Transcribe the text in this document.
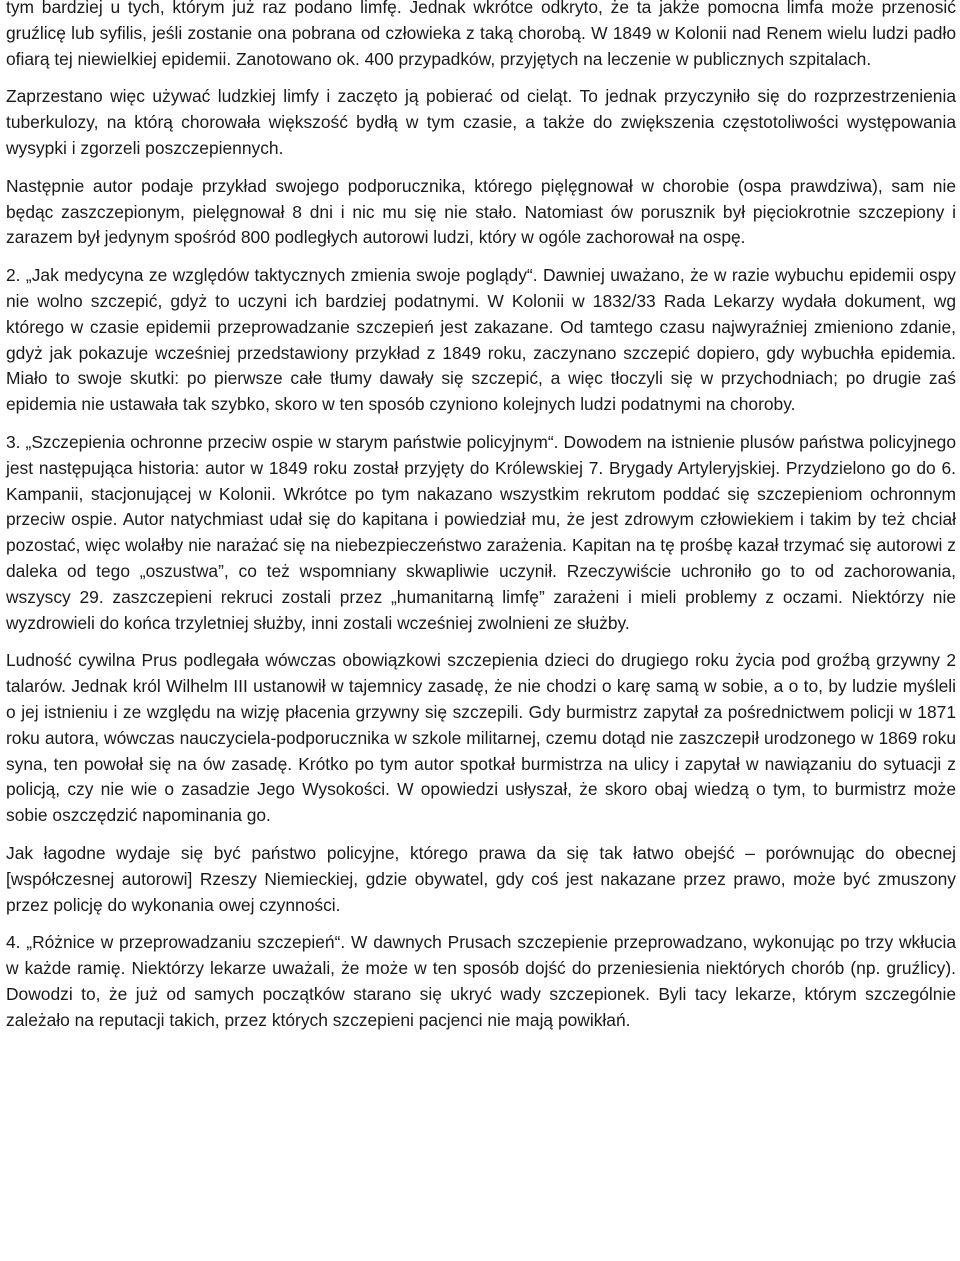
tym bardziej u tych, którym już raz podano limfę. Jednak wkrótce odkryto, że ta jakże pomocna limfa może przenosić gruźlicę lub syfilis, jeśli zostanie ona pobrana od człowieka z taką chorobą. W 1849 w Kolonii nad Renem wielu ludzi padło ofiarą tej niewielkiej epidemii. Zanotowano ok. 400 przypadków, przyjętych na leczenie w publicznych szpitalach.

Zaprzestano więc używać ludzkiej limfy i zaczęto ją pobierać od cieląt. To jednak przyczyniło się do rozprzestrzenienia tuberkulozy, na którą chorowała większość bydłą w tym czasie, a także do zwiększenia częstotoliwości występowania wysypki i zgorzeli poszczepiennych.

Następnie autor podaje przykład swojego podporucznika, którego pięlęgnował w chorobie (ospa prawdziwa), sam nie będąc zaszczepionym, pielęgnował 8 dni i nic mu się nie stało. Natomiast ów porusznik był pięciokrotnie szczepiony i zarazem był jedynym spośród 800 podległych autorowi ludzi, który w ogóle zachorował na ospę.

2. „Jak medycyna ze względów taktycznych zmienia swoje poglądy“. Dawniej uważano, że w razie wybuchu epidemii ospy nie wolno szczepić, gdyż to uczyni ich bardziej podatnymi. W Kolonii w 1832/33 Rada Lekarzy wydała dokument, wg którego w czasie epidemii przeprowadzanie szczepień jest zakazane. Od tamtego czasu najwyraźniej zmieniono zdanie, gdyż jak pokazuje wcześniej przedstawiony przykład z 1849 roku, zaczynano szczepić dopiero, gdy wybuchła epidemia. Miało to swoje skutki: po pierwsze całe tłumy dawały się szczepić, a więc tłoczyli się w przychodniach; po drugie zaś epidemia nie ustawała tak szybko, skoro w ten sposób czyniono kolejnych ludzi podatnymi na choroby.

3. „Szczepienia ochronne przeciw ospie w starym państwie policyjnym“. Dowodem na istnienie plusów państwa policyjnego jest następująca historia: autor w 1849 roku został przyjęty do Królewskiej 7. Brygady Artyleryjskiej. Przydzielono go do 6. Kampanii, stacjonującej w Kolonii. Wkrótce po tym nakazano wszystkim rekrutom poddać się szczepieniom ochronnym przeciw ospie. Autor natychmiast udał się do kapitana i powiedział mu, że jest zdrowym człowiekiem i takim by też chciał pozostać, więc wolałby nie narażać się na niebezpieczeństwo zarażenia. Kapitan na tę prośbę kazał trzymać się autorowi z daleka od tego „oszustwa”, co też wspomniany skwapliwie uczynił. Rzeczywiście uchroniło go to od zachorowania, wszyscy 29. zaszczepieni rekruci zostali przez „humanitarną limfę” zarażeni i mieli problemy z oczami. Niektórzy nie wyzdrowieli do końca trzyletniej służby, inni zostali wcześniej zwolnieni ze służby.

Ludność cywilna Prus podlegała wówczas obowiązkowi szczepienia dzieci do drugiego roku życia pod groźbą grzywny 2 talarów. Jednak król Wilhelm III ustanowił w tajemnicy zasadę, że nie chodzi o karę samą w sobie, a o to, by ludzie myśleli o jej istnieniu i ze względu na wizję płacenia grzywny się szczepili. Gdy burmistrz zapytał za pośrednictwem policji w 1871 roku autora, wówczas nauczyciela-podporucznika w szkole militarnej, czemu dotąd nie zaszczepił urodzonego w 1869 roku syna, ten powołał się na ów zasadę. Krótko po tym autor spotkał burmistrza na ulicy i zapytał w nawiązaniu do sytuacji z policją, czy nie wie o zasadzie Jego Wysokości. W opowiedzi usłyszał, że skoro obaj wiedzą o tym, to burmistrz może sobie oszczędzić napominania go.

Jak łagodne wydaje się być państwo policyjne, którego prawa da się tak łatwo obejść – porównując do obecnej [współczesnej autorowi] Rzeszy Niemieckiej, gdzie obywatel, gdy coś jest nakazane przez prawo, może być zmuszony przez policję do wykonania owej czynności.

4. „Różnice w przeprowadzaniu szczepień“. W dawnych Prusach szczepienie przeprowadzano, wykonując po trzy wkłucia w każde ramię. Niektórzy lekarze uważali, że może w ten sposób dojść do przeniesienia niektórych chorób (np. gruźlicy). Dowodzi to, że już od samych początków starano się ukryć wady szczepionek. Byli tacy lekarze, którym szczególnie zależało na reputacji takich, przez których szczepieni pacjenci nie mają powikłań.
